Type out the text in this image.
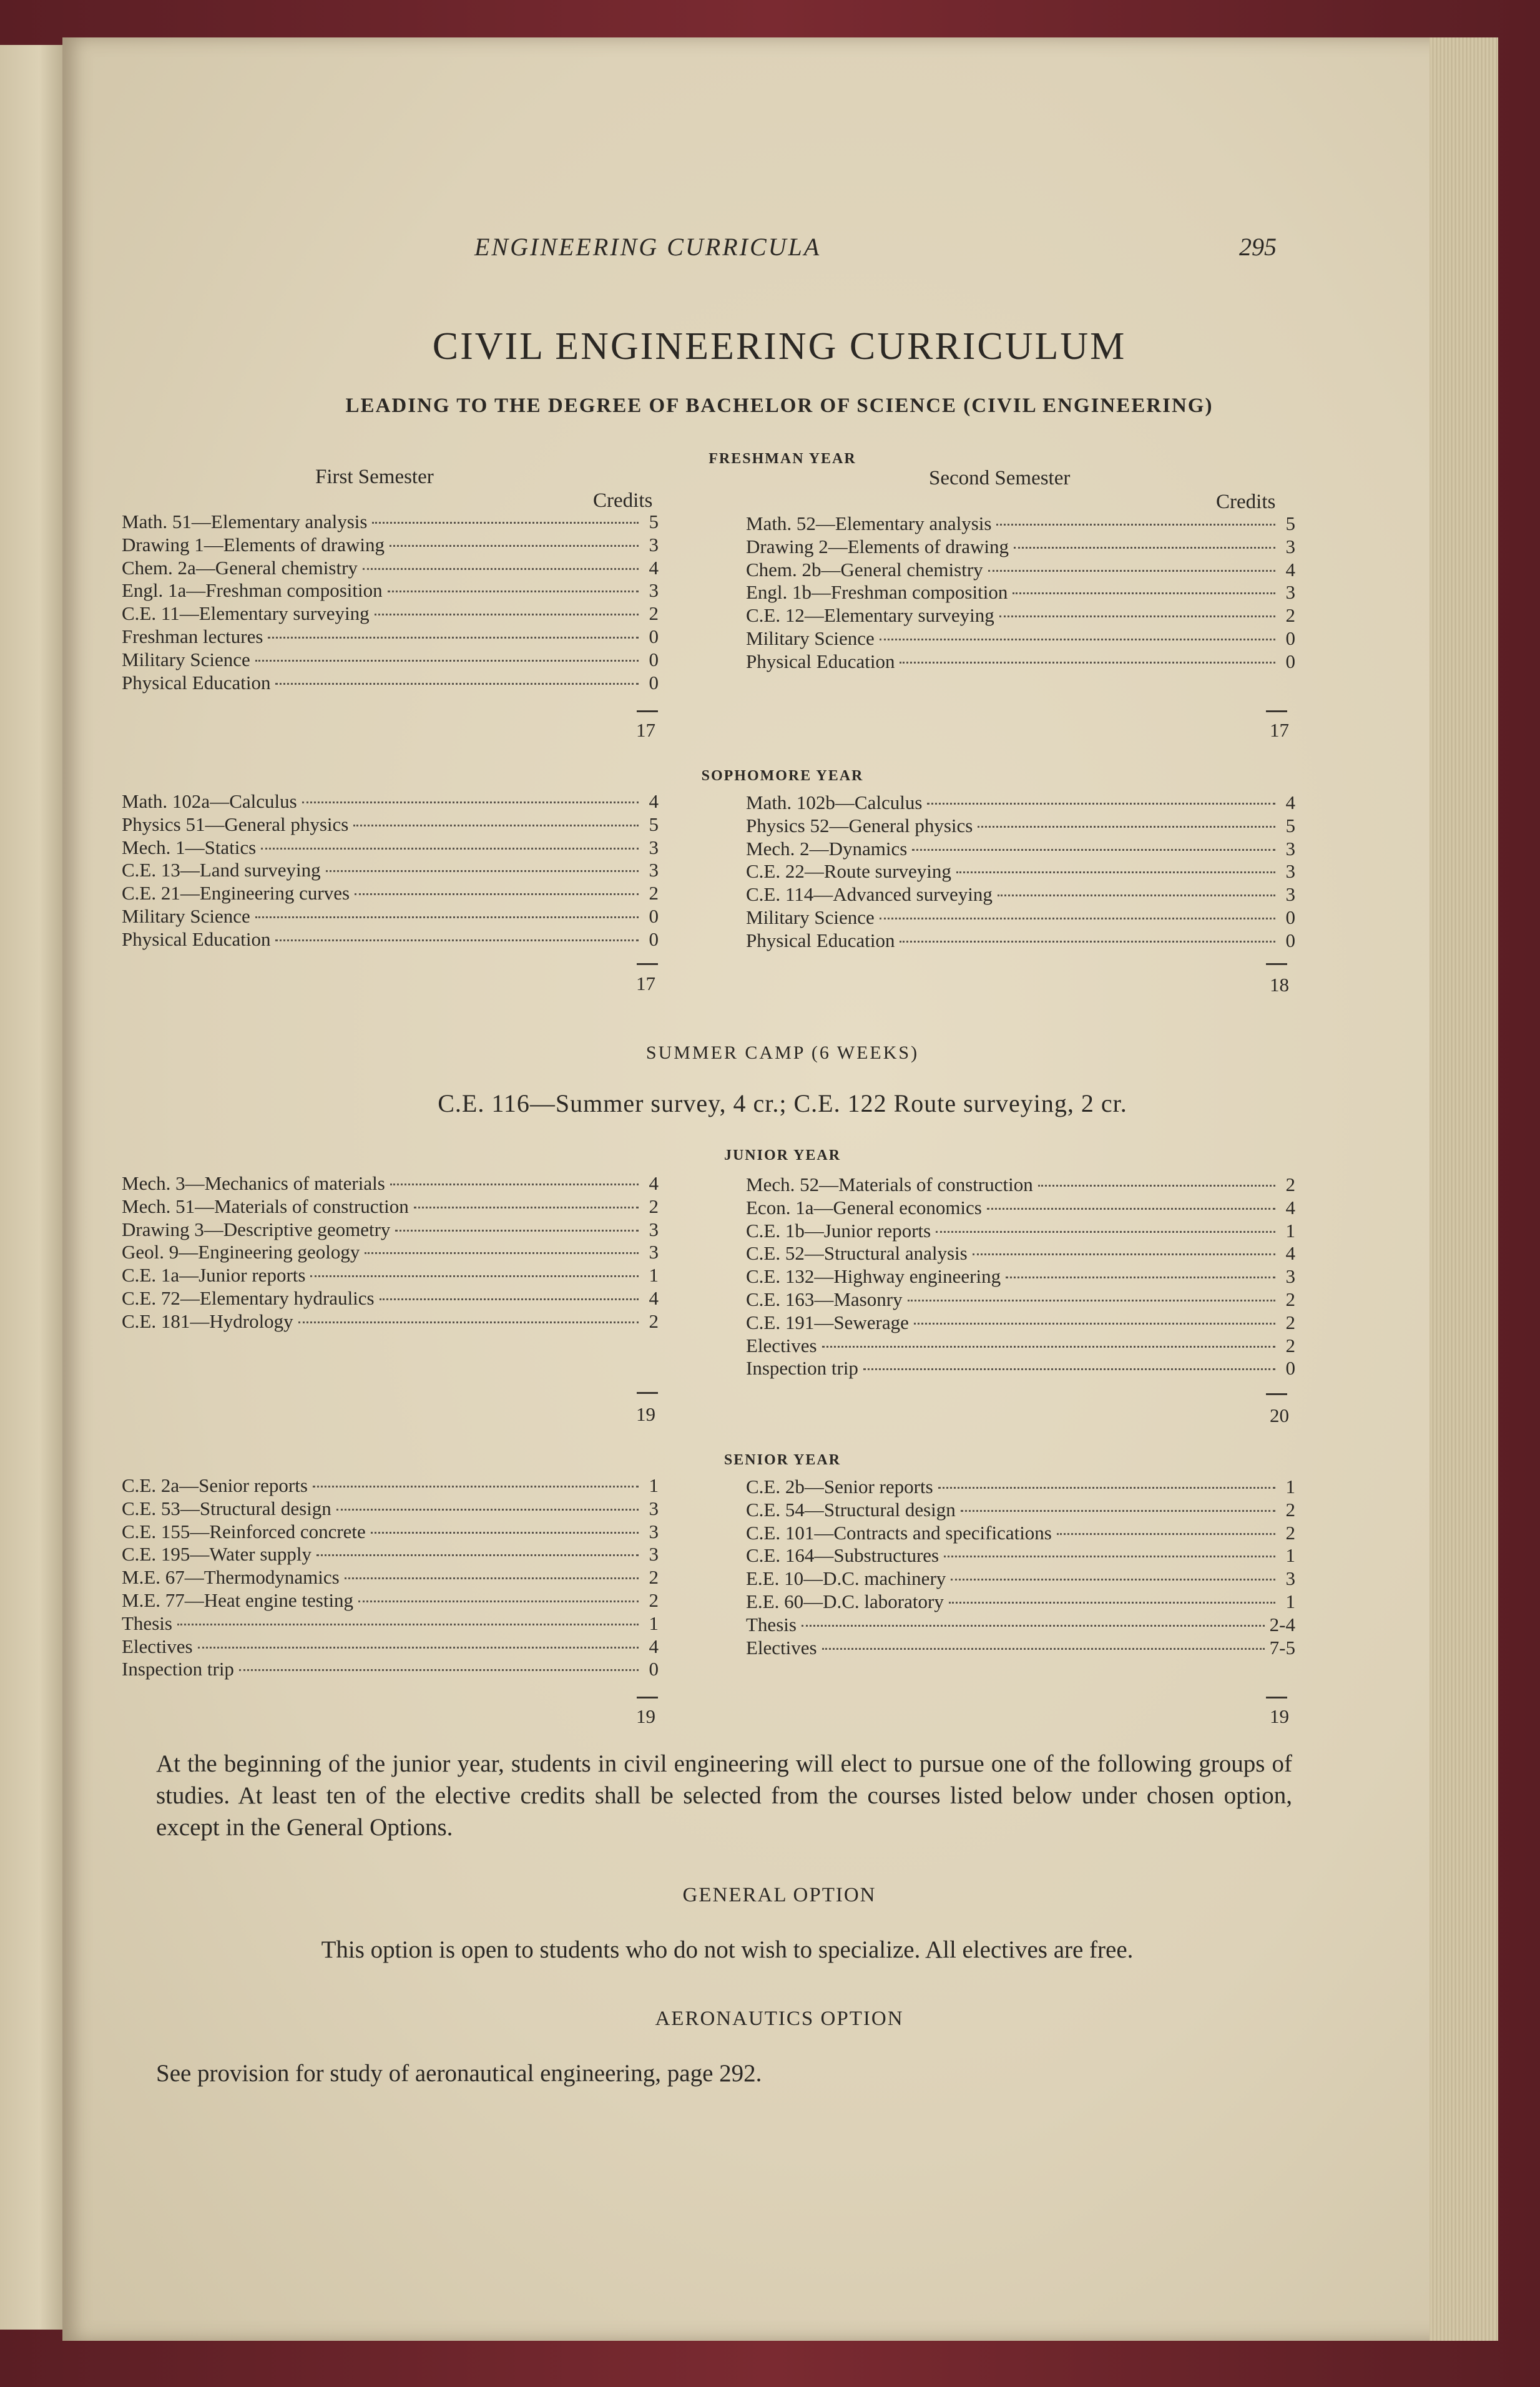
ENGINEERING CURRICULA	295
CIVIL ENGINEERING CURRICULUM
LEADING TO THE DEGREE OF BACHELOR OF SCIENCE (CIVIL ENGINEERING)
FRESHMAN YEAR
First Semester	Second Semester
Credits	Credits
Math. 51—Elementary analysis	5
Drawing 1—Elements of drawing	3
Chem. 2a—General chemistry	4
Engl. 1a—Freshman composition	3
C.E. 11—Elementary surveying	2
Freshman lectures	0
Military Science	0
Physical Education	0
Math. 52—Elementary analysis	5
Drawing 2—Elements of drawing	3
Chem. 2b—General chemistry	4
Engl. 1b—Freshman composition	3
C.E. 12—Elementary surveying	2
Military Science	0
Physical Education	0
17	17
SOPHOMORE YEAR
Math. 102a—Calculus	4
Physics 51—General physics	5
Mech. 1—Statics	3
C.E. 13—Land surveying	3
C.E. 21—Engineering curves	2
Military Science	0
Physical Education	0
Math. 102b—Calculus	4
Physics 52—General physics	5
Mech. 2—Dynamics	3
C.E. 22—Route surveying	3
C.E. 114—Advanced surveying	3
Military Science	0
Physical Education	0
17	18
SUMMER CAMP (6 WEEKS)
C.E. 116—Summer survey, 4 cr.; C.E. 122 Route surveying, 2 cr.
JUNIOR YEAR
Mech. 3—Mechanics of materials	4
Mech. 51—Materials of construction	2
Drawing 3—Descriptive geometry	3
Geol. 9—Engineering geology	3
C.E. 1a—Junior reports	1
C.E. 72—Elementary hydraulics	4
C.E. 181—Hydrology	2
Mech. 52—Materials of construction	2
Econ. 1a—General economics	4
C.E. 1b—Junior reports	1
C.E. 52—Structural analysis	4
C.E. 132—Highway engineering	3
C.E. 163—Masonry	2
C.E. 191—Sewerage	2
Electives	2
Inspection trip	0
19	20
SENIOR YEAR
C.E. 2a—Senior reports	1
C.E. 53—Structural design	3
C.E. 155—Reinforced concrete	3
C.E. 195—Water supply	3
M.E. 67—Thermodynamics	2
M.E. 77—Heat engine testing	2
Thesis	1
Electives	4
Inspection trip	0
C.E. 2b—Senior reports	1
C.E. 54—Structural design	2
C.E. 101—Contracts and specifications	2
C.E. 164—Substructures	1
E.E. 10—D.C. machinery	3
E.E. 60—D.C. laboratory	1
Thesis	2-4
Electives	7-5
19	19
At the beginning of the junior year, students in civil engineering will elect to pursue one of the following groups of studies. At least ten of the elective credits shall be selected from the courses listed below under chosen option, except in the General Options.
GENERAL OPTION
This option is open to students who do not wish to specialize. All electives are free.
AERONAUTICS OPTION
See provision for study of aeronautical engineering, page 292.
